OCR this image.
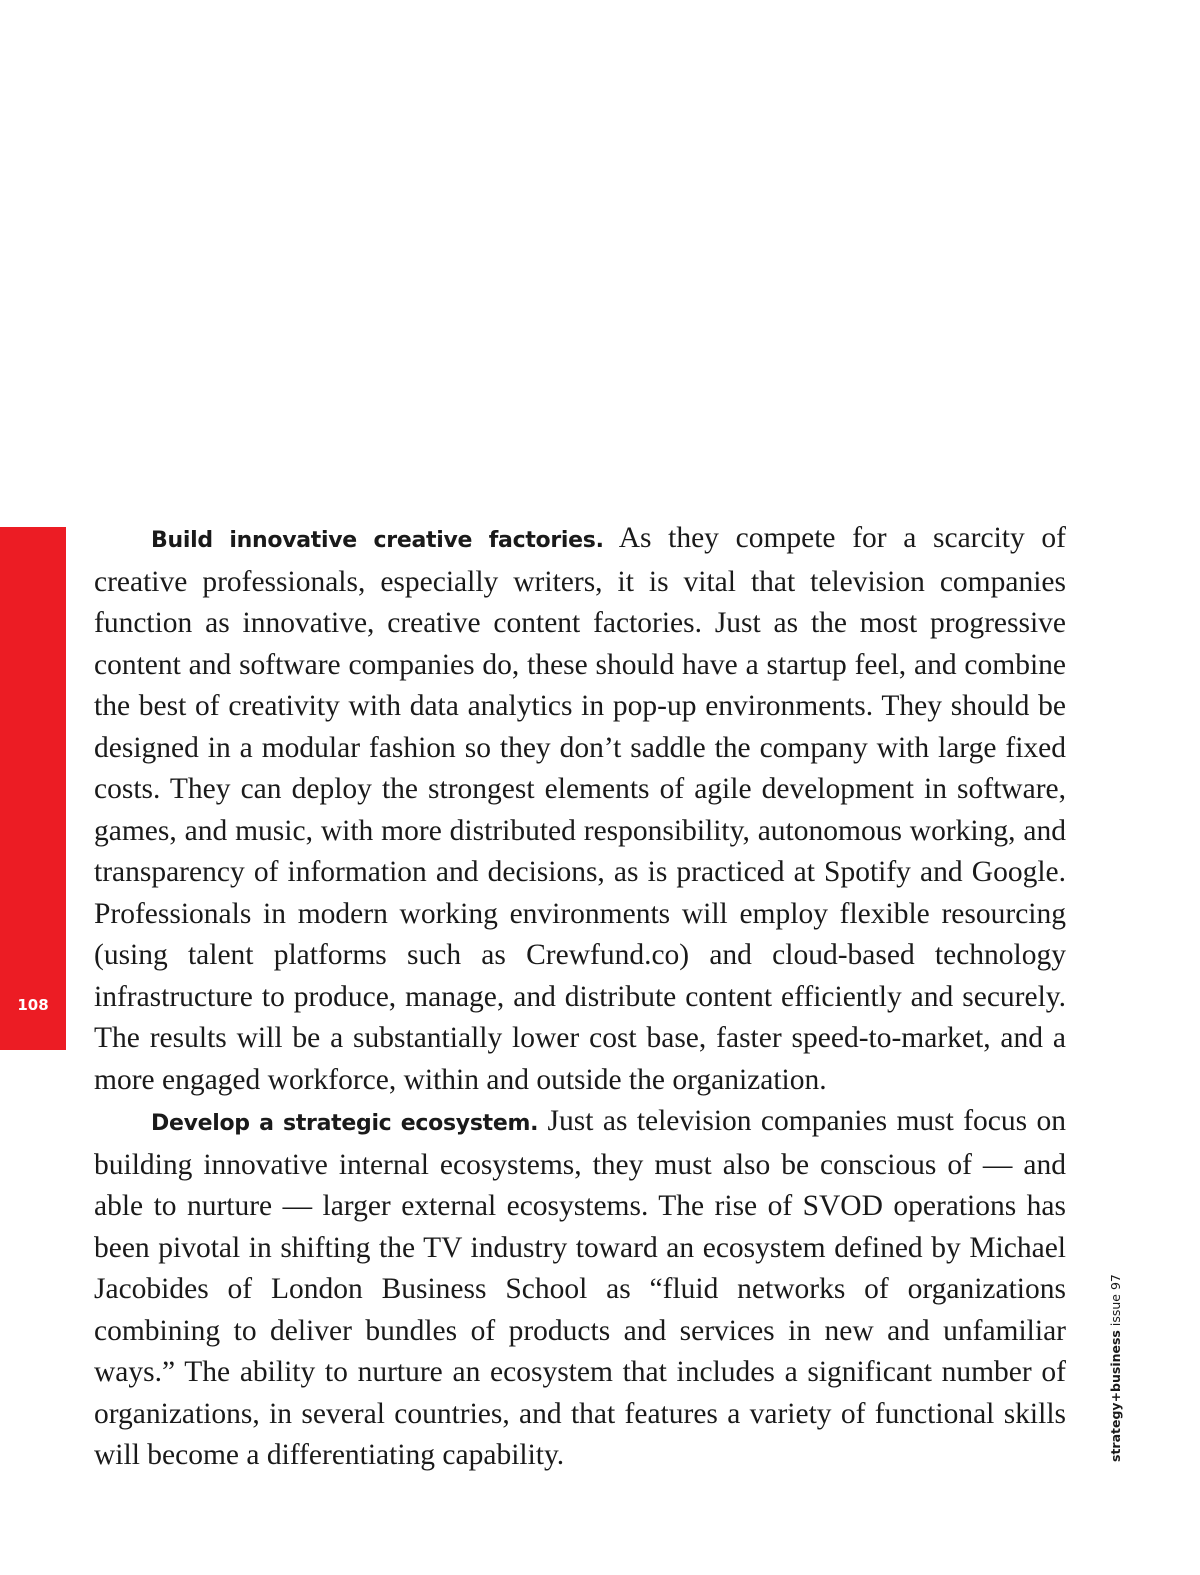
feature|tech & innovation
108

Build innovative creative factories. As they compete for a scarcity of creative professionals, especially writers, it is vital that television companies function as innovative, creative content factories. Just as the most progressive content and software companies do, these should have a startup feel, and combine the best of creativity with data analytics in pop-up environments. They should be designed in a modular fashion so they don’t saddle the company with large fixed costs. They can deploy the strongest elements of agile development in software, games, and music, with more distributed responsibility, autonomous working, and transparency of information and decisions, as is practiced at Spotify and Google. Professionals in modern working environments will employ flexible resourcing (using talent platforms such as Crewfund.co) and cloud-based technology infrastructure to produce, manage, and distribute content efficiently and securely. The results will be a substantially lower cost base, faster speed-to-market, and a more engaged workforce, within and outside the organization.

Develop a strategic ecosystem. Just as television companies must focus on building innovative internal ecosystems, they must also be conscious of — and able to nurture — larger external ecosystems. The rise of SVOD operations has been pivotal in shifting the TV industry toward an ecosystem defined by Michael Jacobides of London Business School as “fluid networks of organizations combining to deliver bundles of products and services in new and unfamiliar ways.” The ability to nurture an ecosystem that includes a significant number of organizations, in several countries, and that features a variety of functional skills will become a differentiating capability.	strategy+business issue 97
